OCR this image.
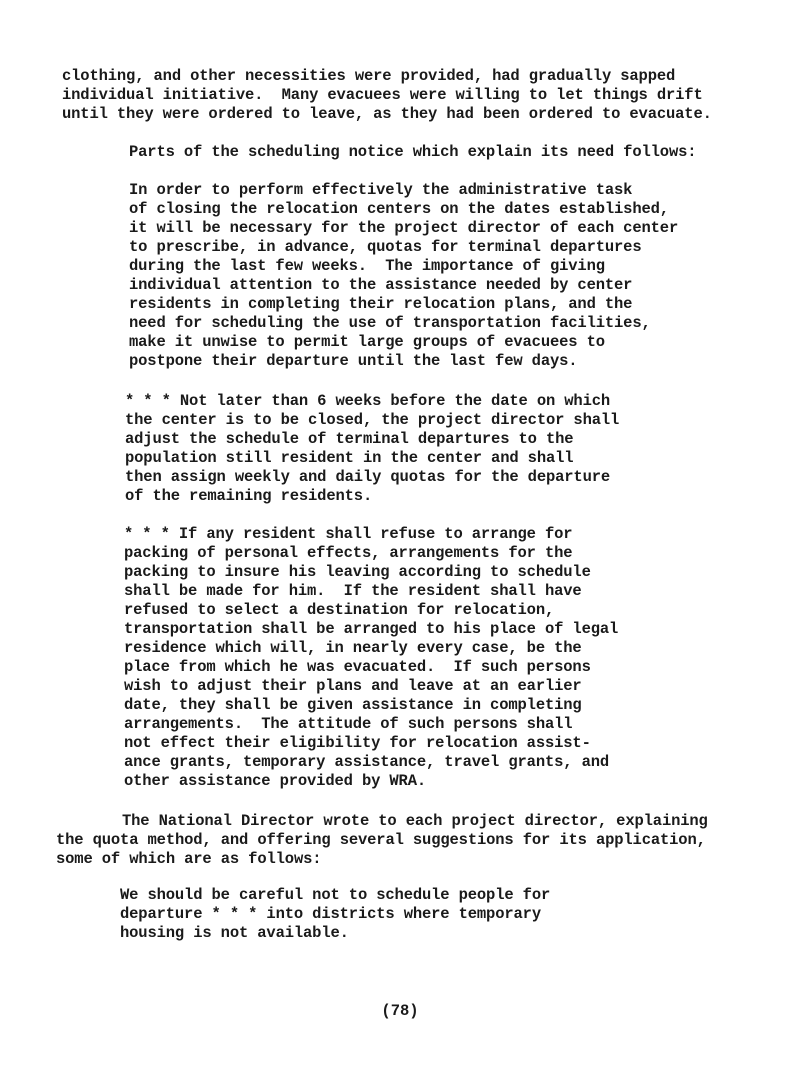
clothing, and other necessities were provided, had gradually sapped
individual initiative.  Many evacuees were willing to let things drift
until they were ordered to leave, as they had been ordered to evacuate.
Parts of the scheduling notice which explain its need follows:
In order to perform effectively the administrative task
of closing the relocation centers on the dates established,
it will be necessary for the project director of each center
to prescribe, in advance, quotas for terminal departures
during the last few weeks.  The importance of giving
individual attention to the assistance needed by center
residents in completing their relocation plans, and the
need for scheduling the use of transportation facilities,
make it unwise to permit large groups of evacuees to
postpone their departure until the last few days.
* * * Not later than 6 weeks before the date on which
the center is to be closed, the project director shall
adjust the schedule of terminal departures to the
population still resident in the center and shall
then assign weekly and daily quotas for the departure
of the remaining residents.
* * * If any resident shall refuse to arrange for
packing of personal effects, arrangements for the
packing to insure his leaving according to schedule
shall be made for him.  If the resident shall have
refused to select a destination for relocation,
transportation shall be arranged to his place of legal
residence which will, in nearly every case, be the
place from which he was evacuated.  If such persons
wish to adjust their plans and leave at an earlier
date, they shall be given assistance in completing
arrangements.  The attitude of such persons shall
not effect their eligibility for relocation assist-
ance grants, temporary assistance, travel grants, and
other assistance provided by WRA.
The National Director wrote to each project director, explaining
the quota method, and offering several suggestions for its application,
some of which are as follows:
We should be careful not to schedule people for
departure * * * into districts where temporary
housing is not available.
(78)
